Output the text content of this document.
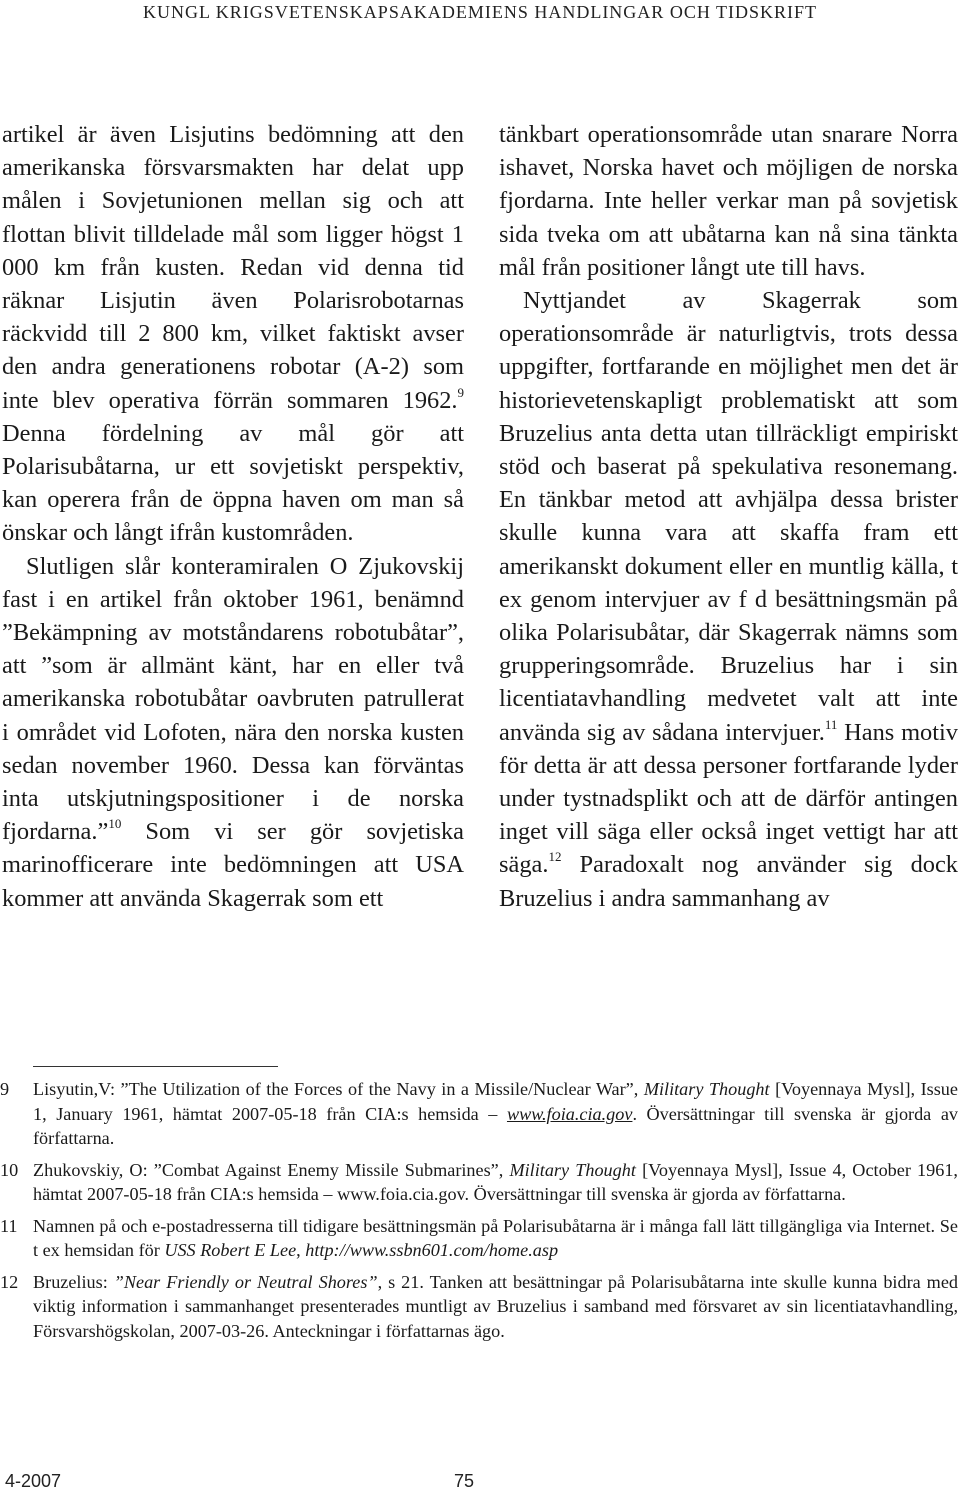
KUNGL KRIGSVETENSKAPSAKADEMIENS HANDLINGAR OCH TIDSKRIFT

artikel är även Lisjutins bedömning att den amerikanska försvarsmakten har delat upp målen i Sovjetunionen mellan sig och att flottan blivit tilldelade mål som ligger högst 1 000 km från kusten. Redan vid denna tid räknar Lisjutin även Polarisrobotarnas räckvidd till 2 800 km, vilket faktiskt avser den andra generationens robotar (A-2) som inte blev operativa förrän sommaren 1962.$^9$ Denna fördelning av mål gör att Polarisubåtarna, ur ett sovjetiskt perspektiv, kan operera från de öppna haven om man så önskar och långt ifrån kustområden.

Slutligen slår konteramiralen O Zjukovskij fast i en artikel från oktober 1961, benämnd ”Bekämpning av motståndarens robotubåtar”, att ”som är allmänt känt, har en eller två amerikanska robotubåtar oavbruten patrullerat i området vid Lofoten, nära den norska kusten sedan november 1960. Dessa kan förväntas inta utskjutningspositioner i de norska fjordarna.”$^{10}$ Som vi ser gör sovjetiska marinofficerare inte bedömningen att USA kommer att använda Skagerrak som ett

tänkbart operationsområde utan snarare Norra ishavet, Norska havet och möjligen de norska fjordarna. Inte heller verkar man på sovjetisk sida tveka om att ubåtarna kan nå sina tänkta mål från positioner långt ute till havs.

Nyttjandet av Skagerrak som operationsområde är naturligtvis, trots dessa uppgifter, fortfarande en möjlighet men det är historievetenskapligt problematiskt att som Bruzelius anta detta utan tillräckligt empiriskt stöd och baserat på spekulativa resonemang. En tänkbar metod att avhjälpa dessa brister skulle kunna vara att skaffa fram ett amerikanskt dokument eller en muntlig källa, t ex genom intervjuer av f d besättningsmän på olika Polarisubåtar, där Skagerrak nämns som grupperingsområde. Bruzelius har i sin licentiatavhandling medvetet valt att inte använda sig av sådana intervjuer.$^{11}$ Hans motiv för detta är att dessa personer fortfarande lyder under tystnadsplikt och att de därför antingen inget vill säga eller också inget vettigt har att säga.$^{12}$ Paradoxalt nog använder sig dock Bruzelius i andra sammanhang av

9	Lisyutin,V: ”The Utilization of the Forces of the Navy in a Missile/Nuclear War”, Military Thought [Voyennaya Mysl], Issue 1, January 1961, hämtat 2007-05-18 från CIA:s hemsida – www.foia.cia.gov. Översättningar till svenska är gjorda av författarna.
10 Zhukovskiy, O: ”Combat Against Enemy Missile Submarines”, Military Thought [Voyennaya Mysl], Issue 4, October 1961, hämtat 2007-05-18 från CIA:s hemsida – www.foia.cia.gov. Översättningar till svenska är gjorda av författarna.
11 Namnen på och e-postadresserna till tidigare besättningsmän på Polarisubåtarna är i många fall lätt tillgängliga via Internet. Se t ex hemsidan för USS Robert E Lee, http://www.ssbn601.com/home.asp
12 Bruzelius: ”Near Friendly or Neutral Shores”, s 21. Tanken att besättningar på Polarisubåtarna inte skulle kunna bidra med viktig information i sammanhanget presenterades muntligt av Bruzelius i samband med försvaret av sin licentiatavhandling, Försvarshögskolan, 2007-03-26. Anteckningar i författarnas ägo.
4-2007	75
